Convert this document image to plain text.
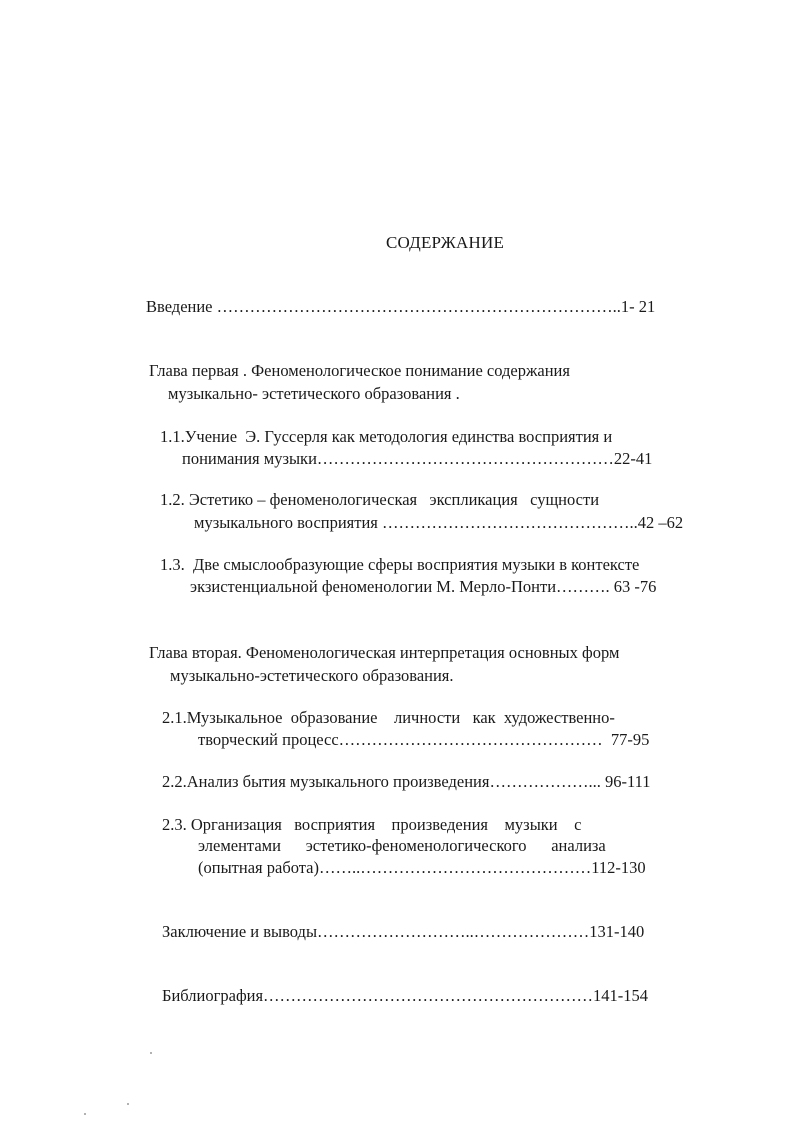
СОДЕРЖАНИЕ
Введение ………………………………………………………………..1- 21
Глава первая . Феноменологическое понимание содержания
музыкально- эстетического образования .
1.1.Учение  Э. Гуссерля как методология единства восприятия и
понимания музыки………………………………………………22-41
1.2. Эстетико – феноменологическая   экспликация   сущности
музыкального восприятия ………………………………………..42 –62
1.3.  Две смыслообразующие сферы восприятия музыки в контексте
экзистенциальной феноменологии М. Мерло-Понти………. 63 -76
Глава вторая. Феноменологическая интерпретация основных форм
музыкально-эстетического образования.
2.1.Музыкальное  образование    личности   как  художественно-
творческий процесс…………………………………………  77-95
2.2.Анализ бытия музыкального произведения………………... 96-111
2.3. Организация   восприятия    произведения    музыки    с
элементами      эстетико-феноменологического      анализа
(опытная работа)……..……………………………………112-130
Заключение и выводы………………………..…………………131-140
Библиография……………………………………………………141-154
